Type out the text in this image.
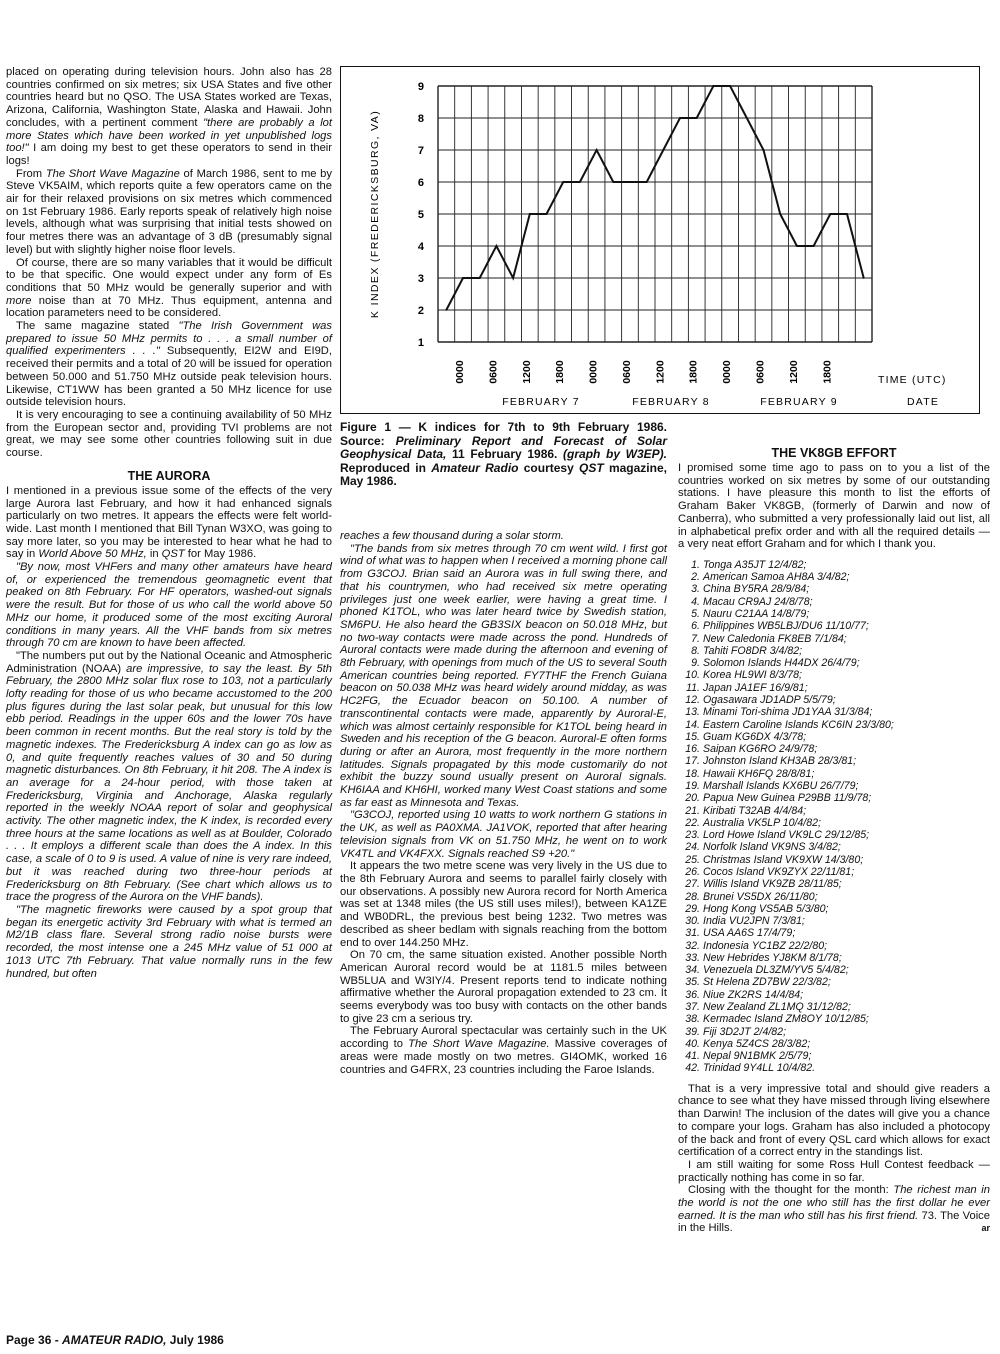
placed on operating during television hours. John also has 28 countries confirmed on six metres; six USA States and five other countries heard but no QSO. The USA States worked are Texas, Arizona, California, Washington State, Alaska and Hawaii. John concludes, with a pertinent comment "there are probably a lot more States which have been worked in yet unpublished logs too!" I am doing my best to get these operators to send in their logs!

From The Short Wave Magazine of March 1986, sent to me by Steve VK5AIM, which reports quite a few operators came on the air for their relaxed provisions on six metres which commenced on 1st February 1986. Early reports speak of relatively high noise levels, although what was surprising that initial tests showed on four metres there was an advantage of 3 dB (presumably signal level) but with slightly higher noise floor levels.

Of course, there are so many variables that it would be difficult to be that specific. One would expect under any form of Es conditions that 50 MHz would be generally superior and with more noise than at 70 MHz. Thus equipment, antenna and location parameters need to be considered.

The same magazine stated "The Irish Government was prepared to issue 50 MHz permits to . . . a small number of qualified experimenters . . ." Subsequently, EI2W and EI9D, received their permits and a total of 20 will be issued for operation between 50.000 and 51.750 MHz outside peak television hours. Likewise, CT1WW has been granted a 50 MHz licence for use outside television hours.

It is very encouraging to see a continuing availability of 50 MHz from the European sector and, providing TVI problems are not great, we may see some other countries following suit in due course.

THE AURORA

I mentioned in a previous issue some of the effects of the very large Aurora last February, and how it had enhanced signals particularly on two metres. It appears the effects were felt world-wide. Last month I mentioned that Bill Tynan W3XO, was going to say more later, so you may be interested to hear what he had to say in World Above 50 MHz, in QST for May 1986.

"By now, most VHFers and many other amateurs have heard of, or experienced the tremendous geomagnetic event that peaked on 8th February. For HF operators, washed-out signals were the result. But for those of us who call the world above 50 MHz our home, it produced some of the most exciting Auroral conditions in many years. All the VHF bands from six metres through 70 cm are known to have been affected.

"The numbers put out by the National Oceanic and Atmospheric Administration (NOAA) are impressive, to say the least. By 5th February, the 2800 MHz solar flux rose to 103, not a particularly lofty reading for those of us who became accustomed to the 200 plus figures during the last solar peak, but unusual for this low ebb period. Readings in the upper 60s and the lower 70s have been common in recent months. But the real story is told by the magnetic indexes. The Fredericksburg A index can go as low as 0, and quite frequently reaches values of 30 and 50 during magnetic disturbances. On 8th February, it hit 208. The A index is an average for a 24-hour period, with those taken at Fredericksburg, Virginia and Anchorage, Alaska regularly reported in the weekly NOAA report of solar and geophysical activity. The other magnetic index, the K index, is recorded every three hours at the same locations as well as at Boulder, Colorado . . . It employs a different scale than does the A index. In this case, a scale of 0 to 9 is used. A value of nine is very rare indeed, but it was reached during two three-hour periods at Fredericksburg on 8th February. (See chart which allows us to trace the progress of the Aurora on the VHF bands).

"The magnetic fireworks were caused by a spot group that began its energetic activity 3rd February with what is termed an M2/1B class flare. Several strong radio noise bursts were recorded, the most intense one a 245 MHz value of 51 000 at 1013 UTC 7th February. That value normally runs in the few hundred, but often

1
2
3
4
5
6
7
8
9
K INDEX (FREDERICKSBURG, VA)
0000 0600 1200 1800 0000 0600 1200 1800 0000 0600 1200 1800	TIME (UTC)
FEBRUARY 7	FEBRUARY 8	FEBRUARY 9	DATE
Figure 1 — K indices for 7th to 9th February 1986. Source: Preliminary Report and Forecast of Solar Geophysical Data, 11 February 1986. (graph by W3EP). Reproduced in Amateur Radio courtesy QST magazine, May 1986.

reaches a few thousand during a solar storm.

"The bands from six metres through 70 cm went wild. I first got wind of what was to happen when I received a morning phone call from G3COJ. Brian said an Aurora was in full swing there, and that his countrymen, who had received six metre operating privileges just one week earlier, were having a great time. I phoned K1TOL, who was later heard twice by Swedish station, SM6PU. He also heard the GB3SIX beacon on 50.018 MHz, but no two-way contacts were made across the pond. Hundreds of Auroral contacts were made during the afternoon and evening of 8th February, with openings from much of the US to several South American countries being reported. FY7THF the French Guiana beacon on 50.038 MHz was heard widely around midday, as was HC2FG, the Ecuador beacon on 50.100. A number of transcontinental contacts were made, apparently by Auroral-E, which was almost certainly responsible for K1TOL being heard in Sweden and his reception of the G beacon. Auroral-E often forms during or after an Aurora, most frequently in the more northern latitudes. Signals propagated by this mode customarily do not exhibit the buzzy sound usually present on Auroral signals. KH6IAA and KH6HI, worked many West Coast stations and some as far east as Minnesota and Texas.

"G3COJ, reported using 10 watts to work northern G stations in the UK, as well as PA0XMA. JA1VOK, reported that after hearing television signals from VK on 51.750 MHz, he went on to work VK4TL and VK4FXX. Signals reached S9 +20."

It appears the two metre scene was very lively in the US due to the 8th February Aurora and seems to parallel fairly closely with our observations. A possibly new Aurora record for North America was set at 1348 miles (the US still uses miles!), between KA1ZE and WB0DRL, the previous best being 1232. Two metres was described as sheer bedlam with signals reaching from the bottom end to over 144.250 MHz.

On 70 cm, the same situation existed. Another possible North American Auroral record would be at 1181.5 miles between WB5LUA and W3IY/4. Present reports tend to indicate nothing affirmative whether the Auroral propagation extended to 23 cm. It seems everybody was too busy with contacts on the other bands to give 23 cm a serious try.

The February Auroral spectacular was certainly such in the UK according to The Short Wave Magazine. Massive coverages of areas were made mostly on two metres. GI4OMK, worked 16 countries and G4FRX, 23 countries including the Faroe Islands.

THE VK8GB EFFORT

I promised some time ago to pass on to you a list of the countries worked on six metres by some of our outstanding stations. I have pleasure this month to list the efforts of Graham Baker VK8GB, (formerly of Darwin and now of Canberra), who submitted a very professionally laid out list, all in alphabetical prefix order and with all the required details — a very neat effort Graham and for which I thank you.

1. Tonga A35JT 12/4/82;
2. American Samoa AH8A 3/4/82;
3. China BY5RA 28/9/84;
4. Macau CR9AJ 24/8/78;
5. Nauru C21AA 14/8/79;
6. Philippines WB5LBJ/DU6 11/10/77;
7. New Caledonia FK8EB 7/1/84;
8. Tahiti FO8DR 3/4/82;
9. Solomon Islands H44DX 26/4/79;
10. Korea HL9WI 8/3/78;
11. Japan JA1EF 16/9/81;
12. Ogasawara JD1ADP 5/5/79;
13. Minami Tori-shima JD1YAA 31/3/84;
14. Eastern Caroline Islands KC6IN 23/3/80;
15. Guam KG6DX 4/3/78;
16. Saipan KG6RO 24/9/78;
17. Johnston Island KH3AB 28/3/81;
18. Hawaii KH6FQ 28/8/81;
19. Marshall Islands KX6BU 26/7/79;
20. Papua New Guinea P29BB 11/9/78;
21. Kiribati T32AB 4/4/84;
22. Australia VK5LP 10/4/82;
23. Lord Howe Island VK9LC 29/12/85;
24. Norfolk Island VK9NS 3/4/82;
25. Christmas Island VK9XW 14/3/80;
26. Cocos Island VK9ZYX 22/11/81;
27. Willis Island VK9ZB 28/11/85;
28. Brunei VS5DX 26/11/80;
29. Hong Kong VS5AB 5/3/80;
30. India VU2JPN 7/3/81;
31. USA AA6S 17/4/79;
32. Indonesia YC1BZ 22/2/80;
33. New Hebrides YJ8KM 8/1/78;
34. Venezuela DL3ZM/YV5 5/4/82;
35. St Helena ZD7BW 22/3/82;
36. Niue ZK2RS 14/4/84;
37. New Zealand ZL1MQ 31/12/82;
38. Kermadec Island ZM8OY 10/12/85;
39. Fiji 3D2JT 2/4/82;
40. Kenya 5Z4CS 28/3/82;
41. Nepal 9N1BMK 2/5/79;
42. Trinidad 9Y4LL 10/4/82.

That is a very impressive total and should give readers a chance to see what they have missed through living elsewhere than Darwin! The inclusion of the dates will give you a chance to compare your logs. Graham has also included a photocopy of the back and front of every QSL card which allows for exact certification of a correct entry in the standings list.

I am still waiting for some Ross Hull Contest feedback — practically nothing has come in so far.

Closing with the thought for the month: The richest man in the world is not the one who still has the first dollar he ever earned. It is the man who still has his first friend. 73. The Voice in the Hills.	ar

Page 36 - AMATEUR RADIO, July 1986
